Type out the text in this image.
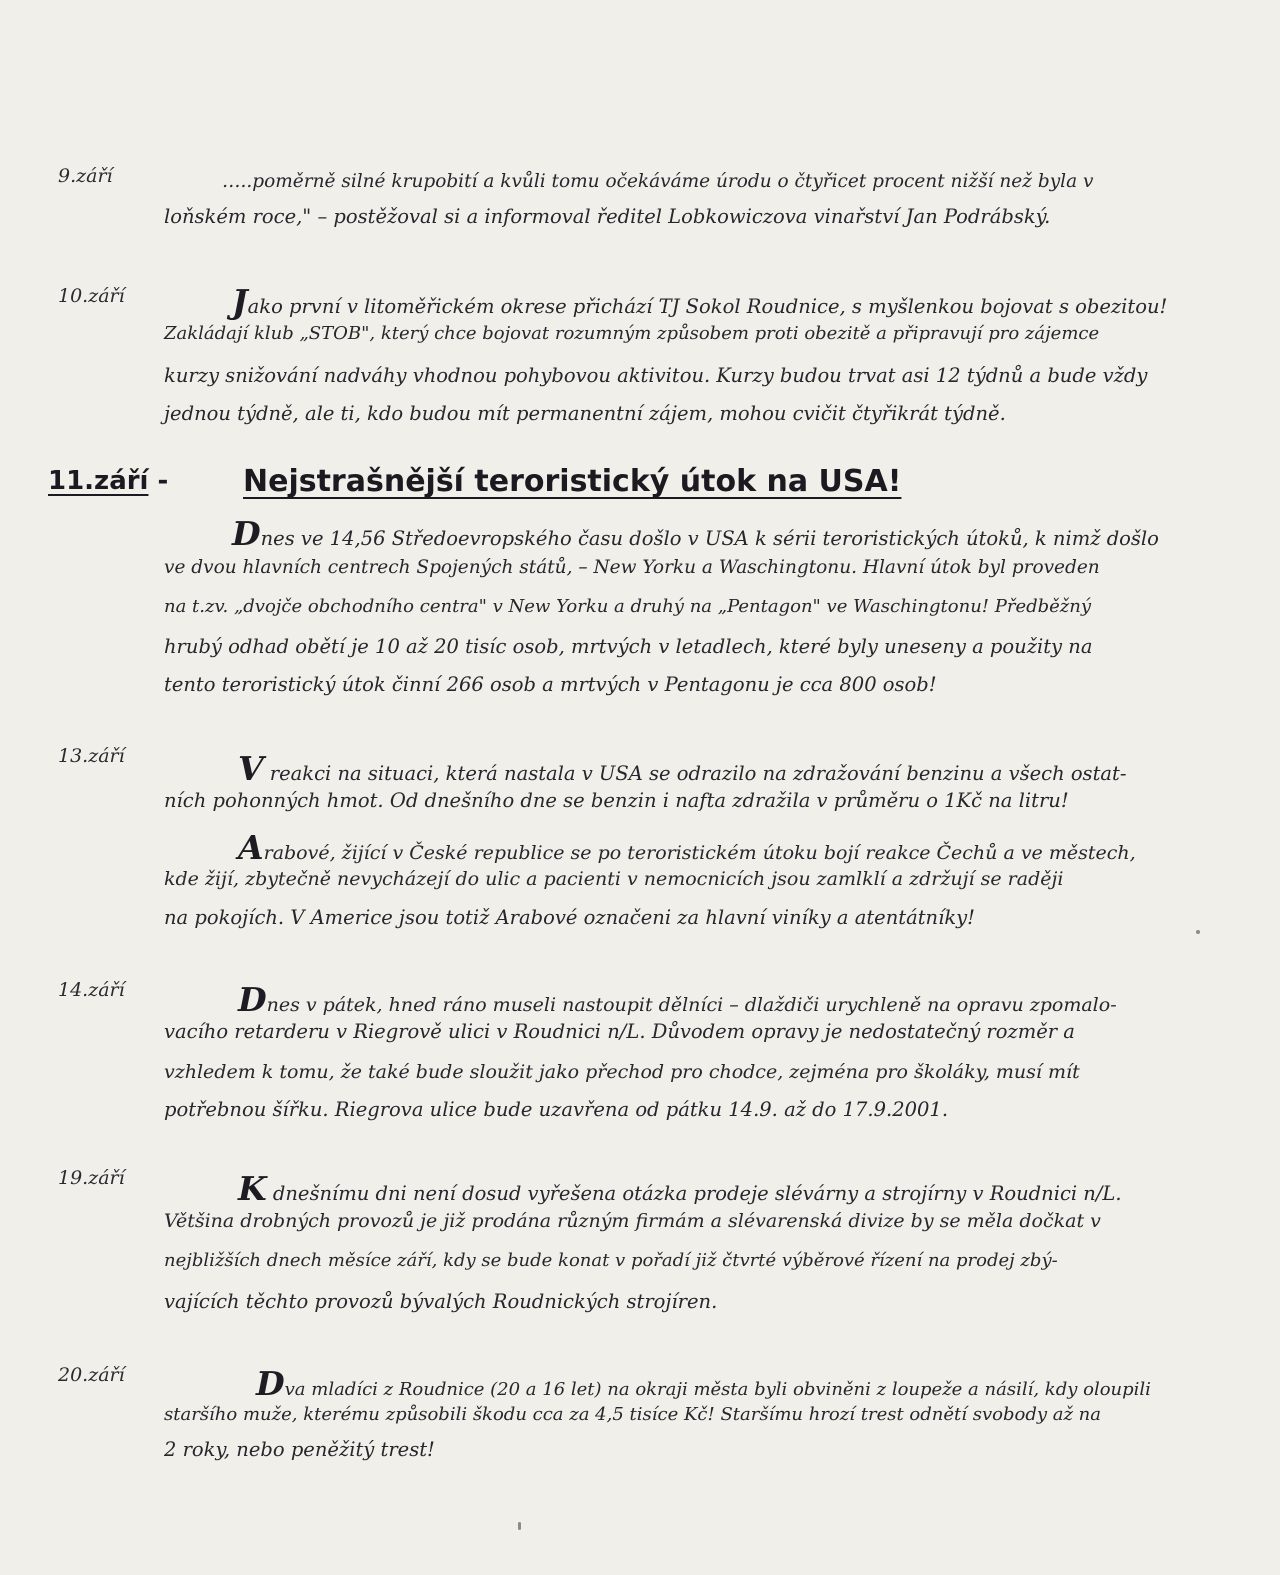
9.září	…..poměrně silné krupobití a kvůli tomu očekáváme úrodu o čtyřicet procent nižší než byla v
loňském roce," – postěžoval si a informoval ředitel Lobkowiczova vinařství Jan Podrábský.
10.září	Jako první v litoměřickém okrese přichází TJ Sokol Roudnice, s myšlenkou bojovat s obezitou!
Zakládají klub „STOB", který chce bojovat rozumným způsobem proti obezitě a připravují pro zájemce
kurzy snižování nadváhy vhodnou pohybovou aktivitou. Kurzy budou trvat asi 12 týdnů a bude vždy
jednou týdně, ale ti, kdo budou mít permanentní zájem, mohou cvičit čtyřikrát týdně.
11.září - Nejstrašnější teroristický útok na USA!
Dnes ve 14,56 Středoevropského času došlo v USA k sérii teroristických útoků, k nimž došlo
ve dvou hlavních centrech Spojených států, – New Yorku a Waschingtonu. Hlavní útok byl proveden
na t.zv. „dvojče obchodního centra" v New Yorku a druhý na „Pentagon" ve Waschingtonu! Předběžný
hrubý odhad obětí je 10 až 20 tisíc osob, mrtvých v letadlech, které byly uneseny a použity na
tento teroristický útok činní 266 osob a mrtvých v Pentagonu je cca 800 osob!
13.září	V reakci na situaci, která nastala v USA se odrazilo na zdražování benzinu a všech ostat-
ních pohonných hmot. Od dnešního dne se benzin i nafta zdražila v průměru o 1Kč na litru!
Arabové, žijící v České republice se po teroristickém útoku bojí reakce Čechů a ve městech,
kde žijí, zbytečně nevycházejí do ulic a pacienti v nemocnicích jsou zamlklí a zdržují se raději
na pokojích. V Americe jsou totiž Arabové označeni za hlavní viníky a atentátníky!
14.září	Dnes v pátek, hned ráno museli nastoupit dělníci – dlaždiči urychleně na opravu zpomalo-
vacího retarderu v Riegrově ulici v Roudnici n/L. Důvodem opravy je nedostatečný rozměr a
vzhledem k tomu, že také bude sloužit jako přechod pro chodce, zejména pro školáky, musí mít
potřebnou šířku. Riegrova ulice bude uzavřena od pátku 14.9. až do 17.9.2001.
19.září	K dnešnímu dni není dosud vyřešena otázka prodeje slévárny a strojírny v Roudnici n/L.
Většina drobných provozů je již prodána různým firmám a slévarenská divize by se měla dočkat v
nejbližších dnech měsíce září, kdy se bude konat v pořadí již čtvrté výběrové řízení na prodej zbý-
vajících těchto provozů bývalých Roudnických strojíren.
20.září	Dva mladíci z Roudnice (20 a 16 let) na okraji města byli obviněni z loupeže a násilí, kdy oloupili
staršího muže, kterému způsobili škodu cca za 4,5 tisíce Kč! Staršímu hrozí trest odnětí svobody až na
2 roky, nebo peněžitý trest!
